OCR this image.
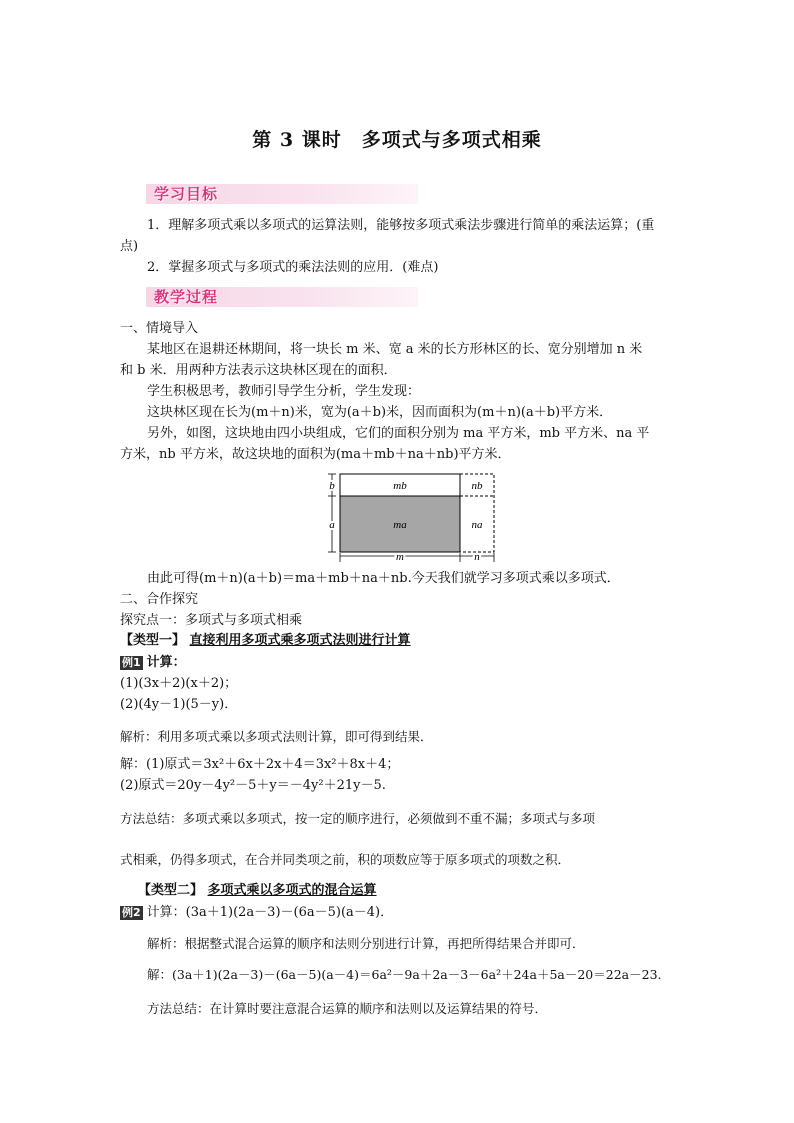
第 3 课时　多项式与多项式相乘
学习目标
1．理解多项式乘以多项式的运算法则，能够按多项式乘法步骤进行简单的乘法运算；(重
点)
2．掌握多项式与多项式的乘法法则的应用．(难点)
教学过程
一、情境导入
某地区在退耕还林期间，将一块长 m 米、宽 a 米的长方形林区的长、宽分别增加 n 米
和 b 米．用两种方法表示这块林区现在的面积．
学生积极思考，教师引导学生分析，学生发现：
这块林区现在长为(m＋n)米，宽为(a＋b)米，因而面积为(m＋n)(a＋b)平方米．
另外，如图，这块地由四小块组成，它们的面积分别为 ma 平方米，mb 平方米、na 平
方米，nb 平方米，故这块地的面积为(ma＋mb＋na＋nb)平方米．
mb	nb
ma	na
b
a
m	n
由此可得(m＋n)(a＋b)＝ma＋mb＋na＋nb.今天我们就学习多项式乘以多项式．
二、合作探究
探究点一：多项式与多项式相乘
【类型一】 直接利用多项式乘多项式法则进行计算
例1 计算：
(1)(3x＋2)(x＋2)；
(2)(4y－1)(5－y)．
解析：利用多项式乘以多项式法则计算，即可得到结果．
解：(1)原式＝3x²＋6x＋2x＋4＝3x²＋8x＋4；
(2)原式＝20y－4y²－5＋y＝－4y²＋21y－5.
方法总结：多项式乘以多项式，按一定的顺序进行，必须做到不重不漏；多项式与多项
式相乘，仍得多项式，在合并同类项之前，积的项数应等于原多项式的项数之积．
【类型二】 多项式乘以多项式的混合运算
例2 计算：(3a＋1)(2a－3)－(6a－5)(a－4)．
解析：根据整式混合运算的顺序和法则分别进行计算，再把所得结果合并即可．
解：(3a＋1)(2a－3)－(6a－5)(a－4)＝6a²－9a＋2a－3－6a²＋24a＋5a－20＝22a－23.
方法总结：在计算时要注意混合运算的顺序和法则以及运算结果的符号．
